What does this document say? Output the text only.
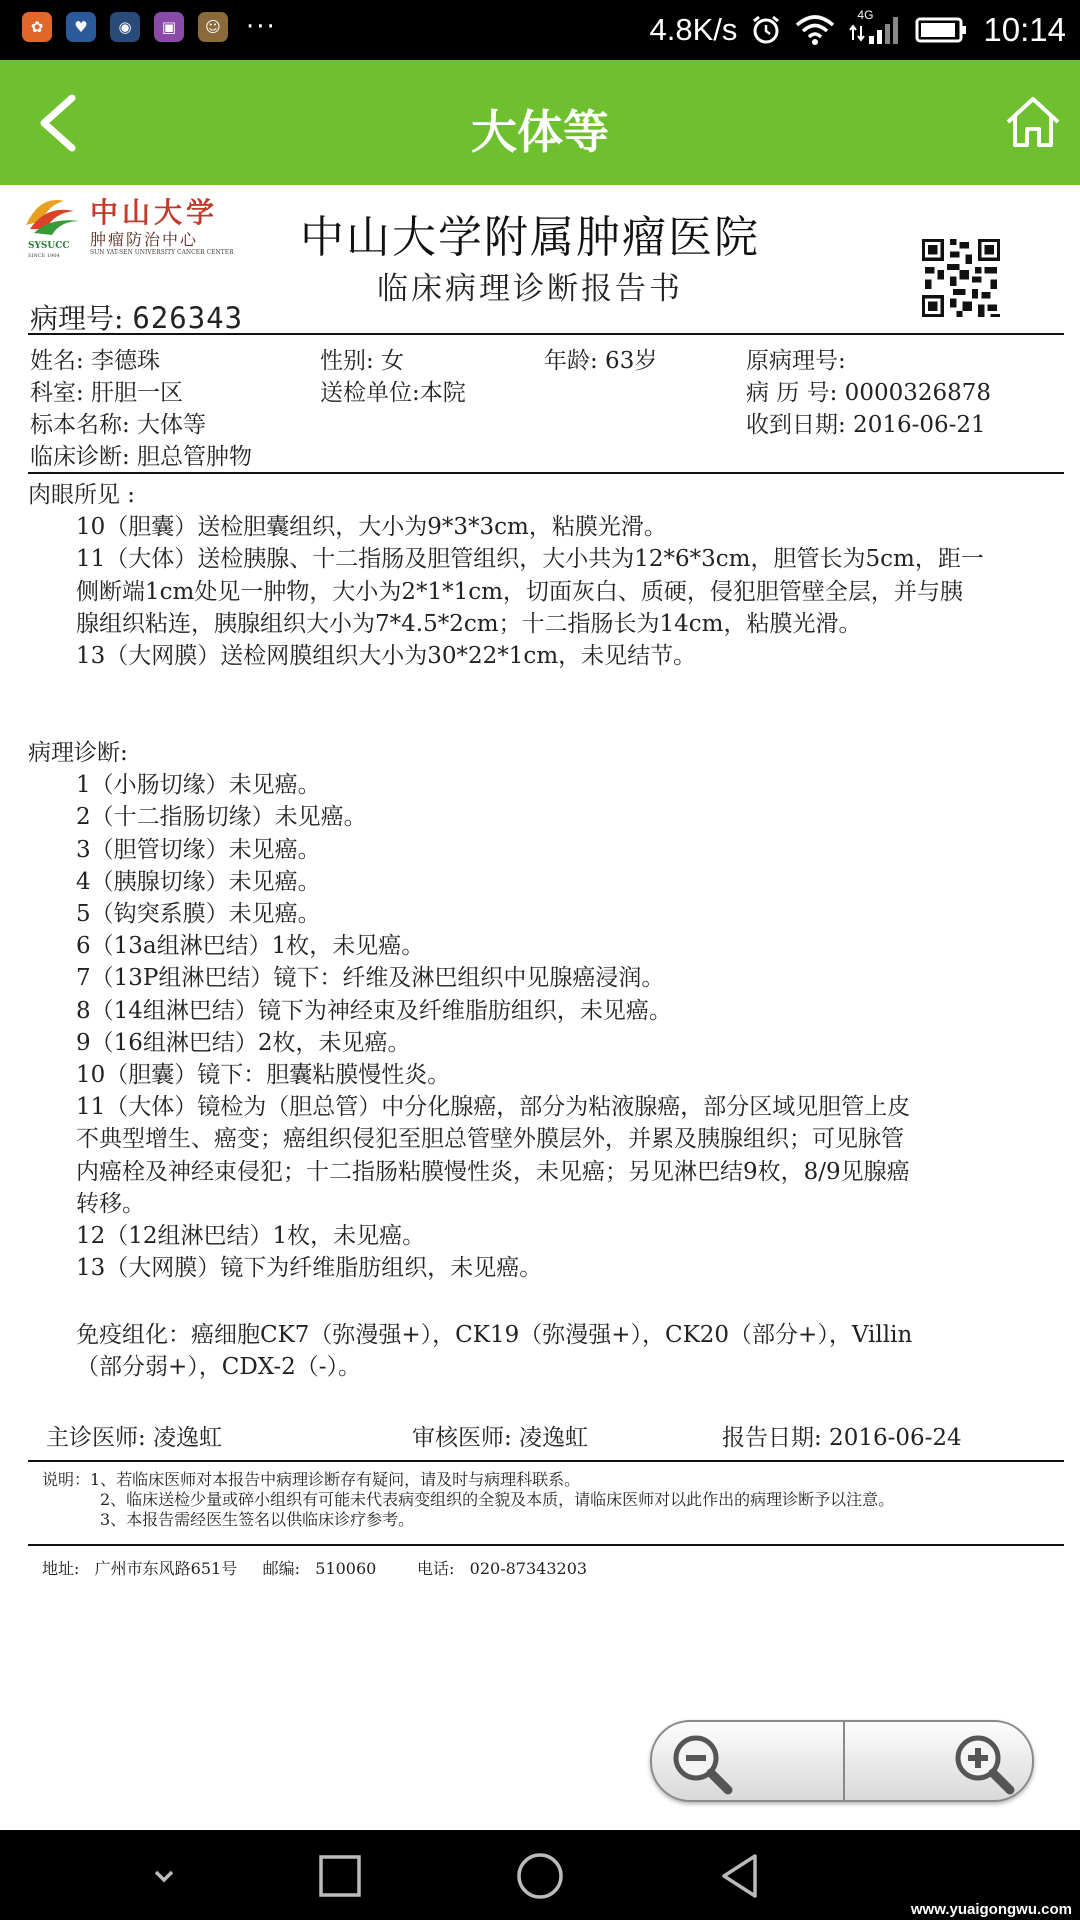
✿	♥	◉	▣	☺ ···	4.8K/s	4G	10:14
大体等
SYSUCC
SINCE 1964
中山大学
肿瘤防治中心
SUN YAT-SEN UNIVERSITY CANCER CENTER	中山大学附属肿瘤医院
临床病理诊断报告书
病理号: 626343
姓名: 李德珠	性别: 女	年龄: 63岁	原病理号:
科室: 肝胆一区	送检单位:本院	病 历 号: 0000326878
标本名称: 大体等	收到日期: 2016-06-21
临床诊断: 胆总管肿物
肉眼所见 :
10（胆囊）送检胆囊组织，大小为9*3*3cm，粘膜光滑。
11（大体）送检胰腺、十二指肠及胆管组织，大小共为12*6*3cm，胆管长为5cm，距一
侧断端1cm处见一肿物，大小为2*1*1cm，切面灰白、质硬，侵犯胆管壁全层，并与胰
腺组织粘连，胰腺组织大小为7*4.5*2cm；十二指肠长为14cm，粘膜光滑。
13（大网膜）送检网膜组织大小为30*22*1cm，未见结节。
病理诊断:
1（小肠切缘）未见癌。
2（十二指肠切缘）未见癌。
3（胆管切缘）未见癌。
4（胰腺切缘）未见癌。
5（钩突系膜）未见癌。
6（13a组淋巴结）1枚，未见癌。
7（13P组淋巴结）镜下：纤维及淋巴组织中见腺癌浸润。
8（14组淋巴结）镜下为神经束及纤维脂肪组织，未见癌。
9（16组淋巴结）2枚，未见癌。
10（胆囊）镜下：胆囊粘膜慢性炎。
11（大体）镜检为（胆总管）中分化腺癌，部分为粘液腺癌，部分区域见胆管上皮
不典型增生、癌变；癌组织侵犯至胆总管壁外膜层外，并累及胰腺组织；可见脉管
内癌栓及神经束侵犯；十二指肠粘膜慢性炎，未见癌；另见淋巴结9枚，8/9见腺癌
转移。
12（12组淋巴结）1枚，未见癌。
13（大网膜）镜下为纤维脂肪组织，未见癌。
免疫组化：癌细胞CK7（弥漫强+），CK19（弥漫强+），CK20（部分+），Villin
（部分弱+），CDX-2（-）。
主诊医师: 凌逸虹	审核医师: 凌逸虹	报告日期: 2016-06-24
说明：1、若临床医师对本报告中病理诊断存有疑问，请及时与病理科联系。
2、临床送检少量或碎小组织有可能未代表病变组织的全貌及本质，请临床医师对以此作出的病理诊断予以注意。
3、本报告需经医生签名以供临床诊疗参考。
地址:   广州市东风路651号     邮编:   510060        电话:   020-87343203
www.yuaigongwu.com
